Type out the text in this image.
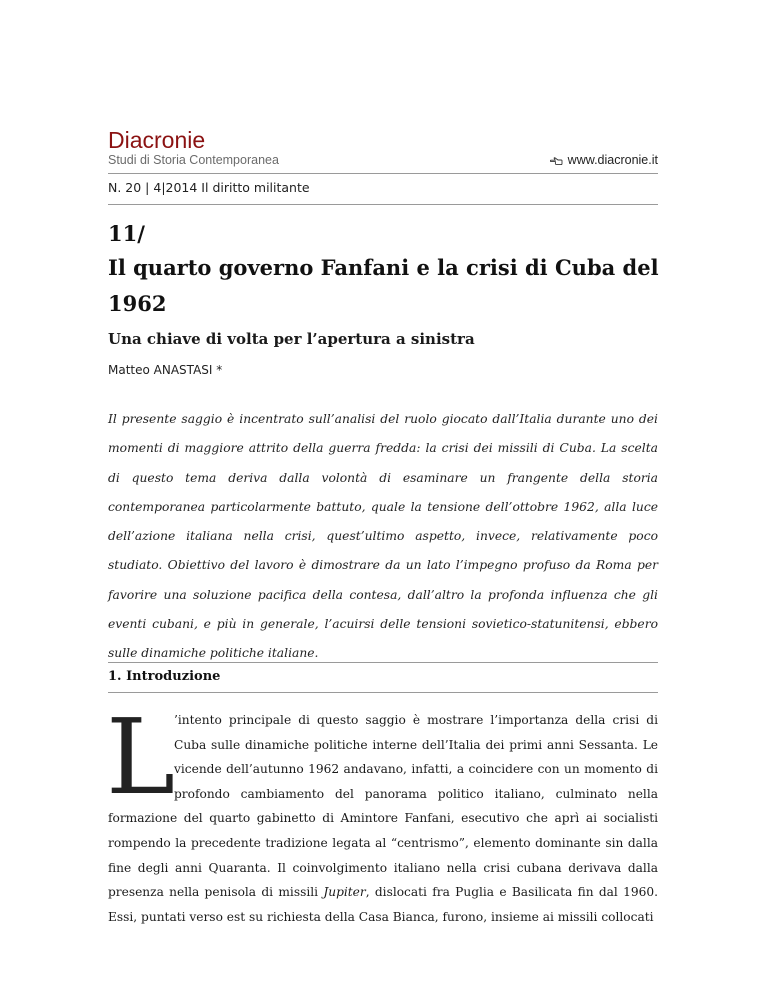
Diacronie
Studi di Storia Contemporanea	www.diacronie.it
N. 20 | 4|2014 Il diritto militante
11/
Il quarto governo Fanfani e la crisi di Cuba del 1962
Una chiave di volta per l’apertura a sinistra
Matteo ANASTASI *

Il presente saggio è incentrato sull’analisi del ruolo giocato dall’Italia durante uno dei momenti di maggiore attrito della guerra fredda: la crisi dei missili di Cuba. La scelta di questo tema deriva dalla volontà di esaminare un frangente della storia contemporanea particolarmente battuto, quale la tensione dell’ottobre 1962, alla luce dell’azione italiana nella crisi, quest’ultimo aspetto, invece, relativamente poco studiato. Obiettivo del lavoro è dimostrare da un lato l’impegno profuso da Roma per favorire una soluzione pacifica della contesa, dall’altro la profonda influenza che gli eventi cubani, e più in generale, l’acuirsi delle tensioni sovietico-statunitensi, ebbero sulle dinamiche politiche italiane.

1. Introduzione
L

’intento principale di questo saggio è mostrare l’importanza della crisi di Cuba sulle dinamiche politiche interne dell’Italia dei primi anni Sessanta. Le vicende dell’autunno 1962 andavano, infatti, a coincidere con un momento di profondo cambiamento del panorama politico italiano, culminato nella formazione del quarto gabinetto di Amintore Fanfani, esecutivo che aprì ai socialisti rompendo la precedente tradizione legata al “centrismo”, elemento dominante sin dalla fine degli anni Quaranta. Il coinvolgimento italiano nella crisi cubana derivava dalla presenza nella penisola di missili Jupiter, dislocati fra Puglia e Basilicata fin dal 1960. Essi, puntati verso est su richiesta della Casa Bianca, furono, insieme ai missili collocati
